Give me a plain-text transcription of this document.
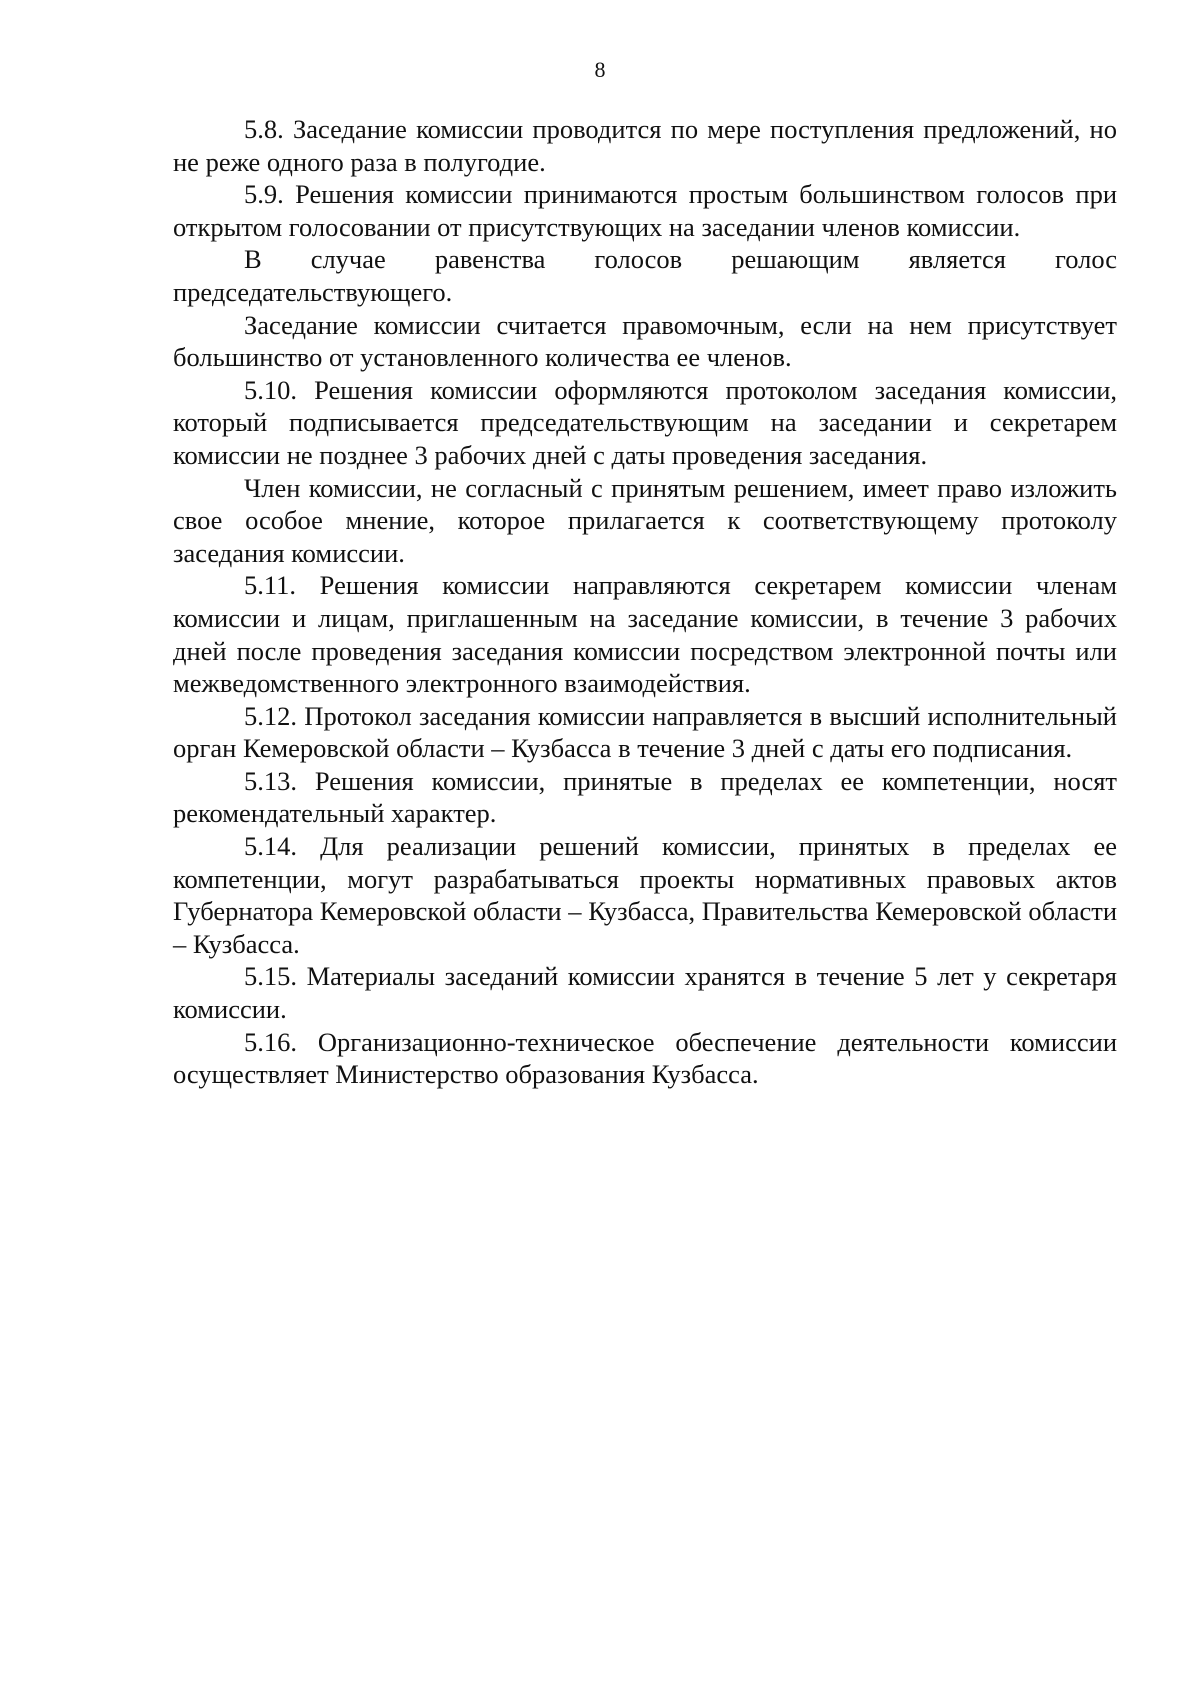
8

5.8. Заседание комиссии проводится по мере поступления предложений, но не реже одного раза в полугодие.

5.9. Решения комиссии принимаются простым большинством голосов при открытом голосовании от присутствующих на заседании членов комиссии.

В случае равенства голосов решающим является голос председательствующего.

Заседание комиссии считается правомочным, если на нем присутствует большинство от установленного количества ее членов.

5.10. Решения комиссии оформляются протоколом заседания комиссии, который подписывается председательствующим на заседании и секретарем комиссии не позднее 3 рабочих дней с даты проведения заседания.

Член комиссии, не согласный с принятым решением, имеет право изложить свое особое мнение, которое прилагается к соответствующему протоколу заседания комиссии.

5.11. Решения комиссии направляются секретарем комиссии членам комиссии и лицам, приглашенным на заседание комиссии, в течение 3 рабочих дней после проведения заседания комиссии посредством электронной почты или межведомственного электронного взаимодействия.

5.12. Протокол заседания комиссии направляется в высший исполнительный орган Кемеровской области – Кузбасса в течение 3 дней с даты его подписания.

5.13. Решения комиссии, принятые в пределах ее компетенции, носят рекомендательный характер.

5.14. Для реализации решений комиссии, принятых в пределах ее компетенции, могут разрабатываться проекты нормативных правовых актов Губернатора Кемеровской области – Кузбасса, Правительства Кемеровской области – Кузбасса.

5.15. Материалы заседаний комиссии хранятся в течение 5 лет у секретаря комиссии.

5.16. Организационно-техническое обеспечение деятельности комиссии осуществляет Министерство образования Кузбасса.
